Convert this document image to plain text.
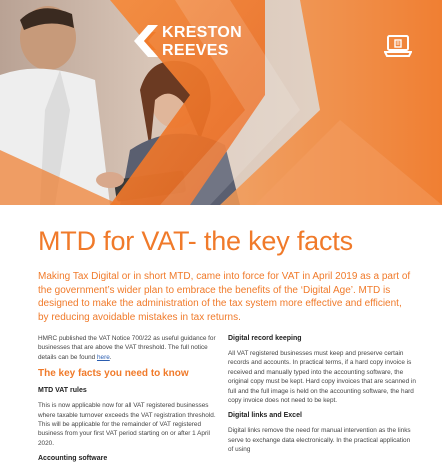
KRESTON
REEVES
MTD for VAT- the key facts

Making Tax Digital or in short MTD, came into force for VAT in April 2019 as a part of the government’s wider plan to embrace the benefits of the ‘Digital Age’. MTD is designed to make the administration of the tax system more effective and efficient, by reducing avoidable mistakes in tax returns.

HMRC published the VAT Notice 700/22 as useful guidance for businesses that are above the VAT threshold. The full notice details can be found here.

The key facts you need to know
MTD VAT rules

This is now applicable now for all VAT registered businesses where taxable turnover exceeds the VAT registration threshold. This will be applicable for the remainder of VAT registered business from your first VAT period starting on or after 1 April 2020.

Accounting software
Digital record keeping

All VAT registered businesses must keep and preserve certain records and accounts. In practical terms, if a hard copy invoice is received and manually typed into the accounting software, the original copy must be kept. Hard copy invoices that are scanned in full and the full image is held on the accounting software, the hard copy invoice does not need to be kept.

Digital links and Excel

Digital links remove the need for manual intervention as the links serve to exchange data electronically. In the practical application of using
